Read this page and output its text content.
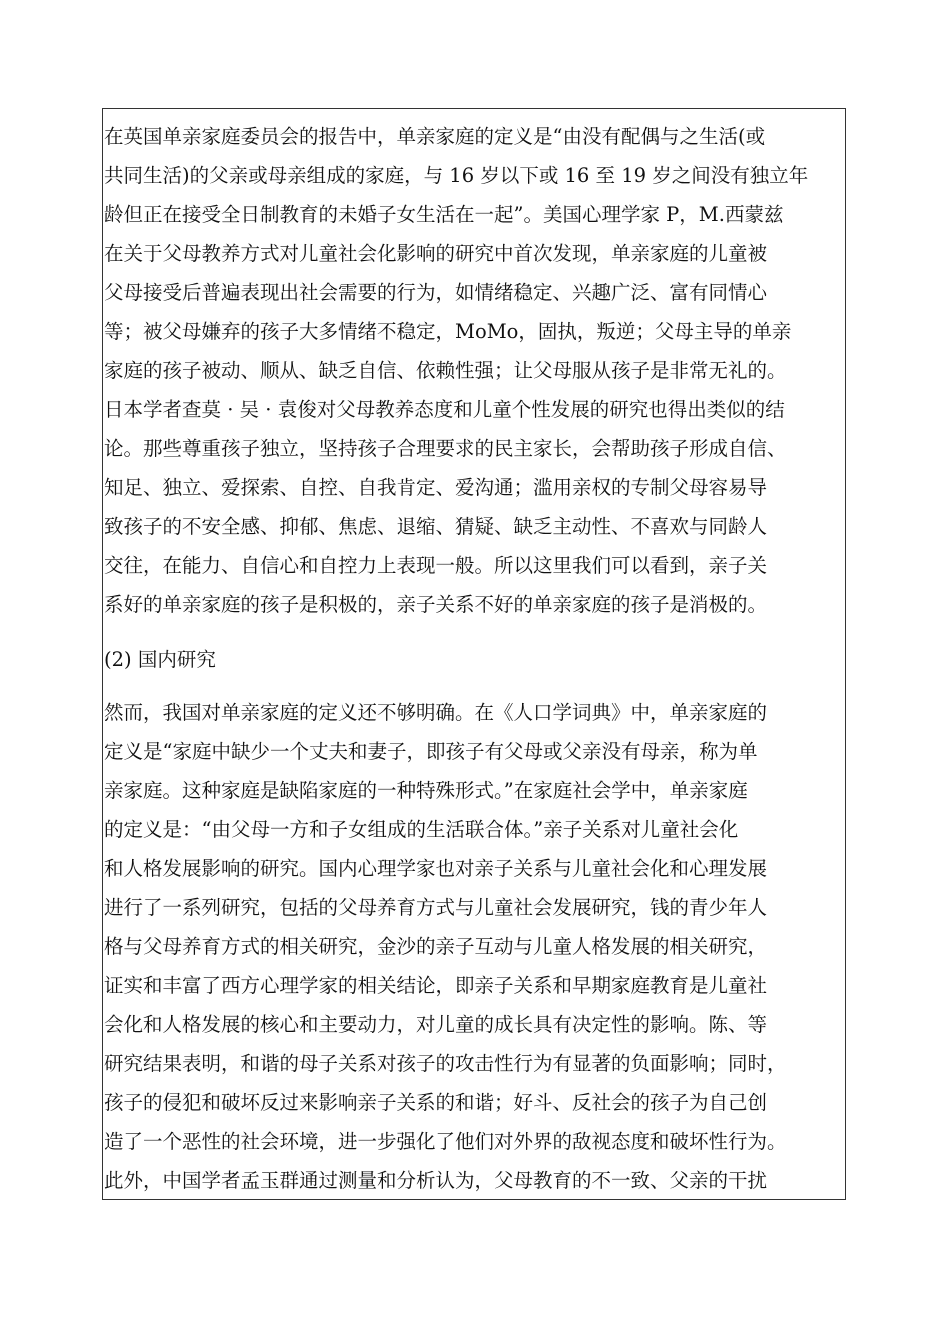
在英国单亲家庭委员会的报告中，单亲家庭的定义是“由没有配偶与之生活(或
共同生活)的父亲或母亲组成的家庭，与 16 岁以下或 16 至 19 岁之间没有独立年
龄但正在接受全日制教育的未婚子女生活在一起”。美国心理学家 P，M.西蒙兹
在关于父母教养方式对儿童社会化影响的研究中首次发现，单亲家庭的儿童被
父母接受后普遍表现出社会需要的行为，如情绪稳定、兴趣广泛、富有同情心
等；被父母嫌弃的孩子大多情绪不稳定，MoMo，固执，叛逆；父母主导的单亲
家庭的孩子被动、顺从、缺乏自信、依赖性强；让父母服从孩子是非常无礼的。
日本学者查莫 · 吴 · 袁俊对父母教养态度和儿童个性发展的研究也得出类似的结
论。那些尊重孩子独立，坚持孩子合理要求的民主家长，会帮助孩子形成自信、
知足、独立、爱探索、自控、自我肯定、爱沟通；滥用亲权的专制父母容易导
致孩子的不安全感、抑郁、焦虑、退缩、猜疑、缺乏主动性、不喜欢与同龄人
交往，在能力、自信心和自控力上表现一般。所以这里我们可以看到，亲子关
系好的单亲家庭的孩子是积极的，亲子关系不好的单亲家庭的孩子是消极的。
(2) 国内研究
然而，我国对单亲家庭的定义还不够明确。在《人口学词典》中，单亲家庭的
定义是“家庭中缺少一个丈夫和妻子，即孩子有父母或父亲没有母亲，称为单
亲家庭。这种家庭是缺陷家庭的一种特殊形式。”在家庭社会学中，单亲家庭
的定义是：“由父母一方和子女组成的生活联合体。”亲子关系对儿童社会化
和人格发展影响的研究。国内心理学家也对亲子关系与儿童社会化和心理发展
进行了一系列研究，包括的父母养育方式与儿童社会发展研究，钱的青少年人
格与父母养育方式的相关研究，金沙的亲子互动与儿童人格发展的相关研究，
证实和丰富了西方心理学家的相关结论，即亲子关系和早期家庭教育是儿童社
会化和人格发展的核心和主要动力，对儿童的成长具有决定性的影响。陈、等
研究结果表明，和谐的母子关系对孩子的攻击性行为有显著的负面影响；同时，
孩子的侵犯和破坏反过来影响亲子关系的和谐；好斗、反社会的孩子为自己创
造了一个恶性的社会环境，进一步强化了他们对外界的敌视态度和破坏性行为。
此外，中国学者孟玉群通过测量和分析认为，父母教育的不一致、父亲的干扰
